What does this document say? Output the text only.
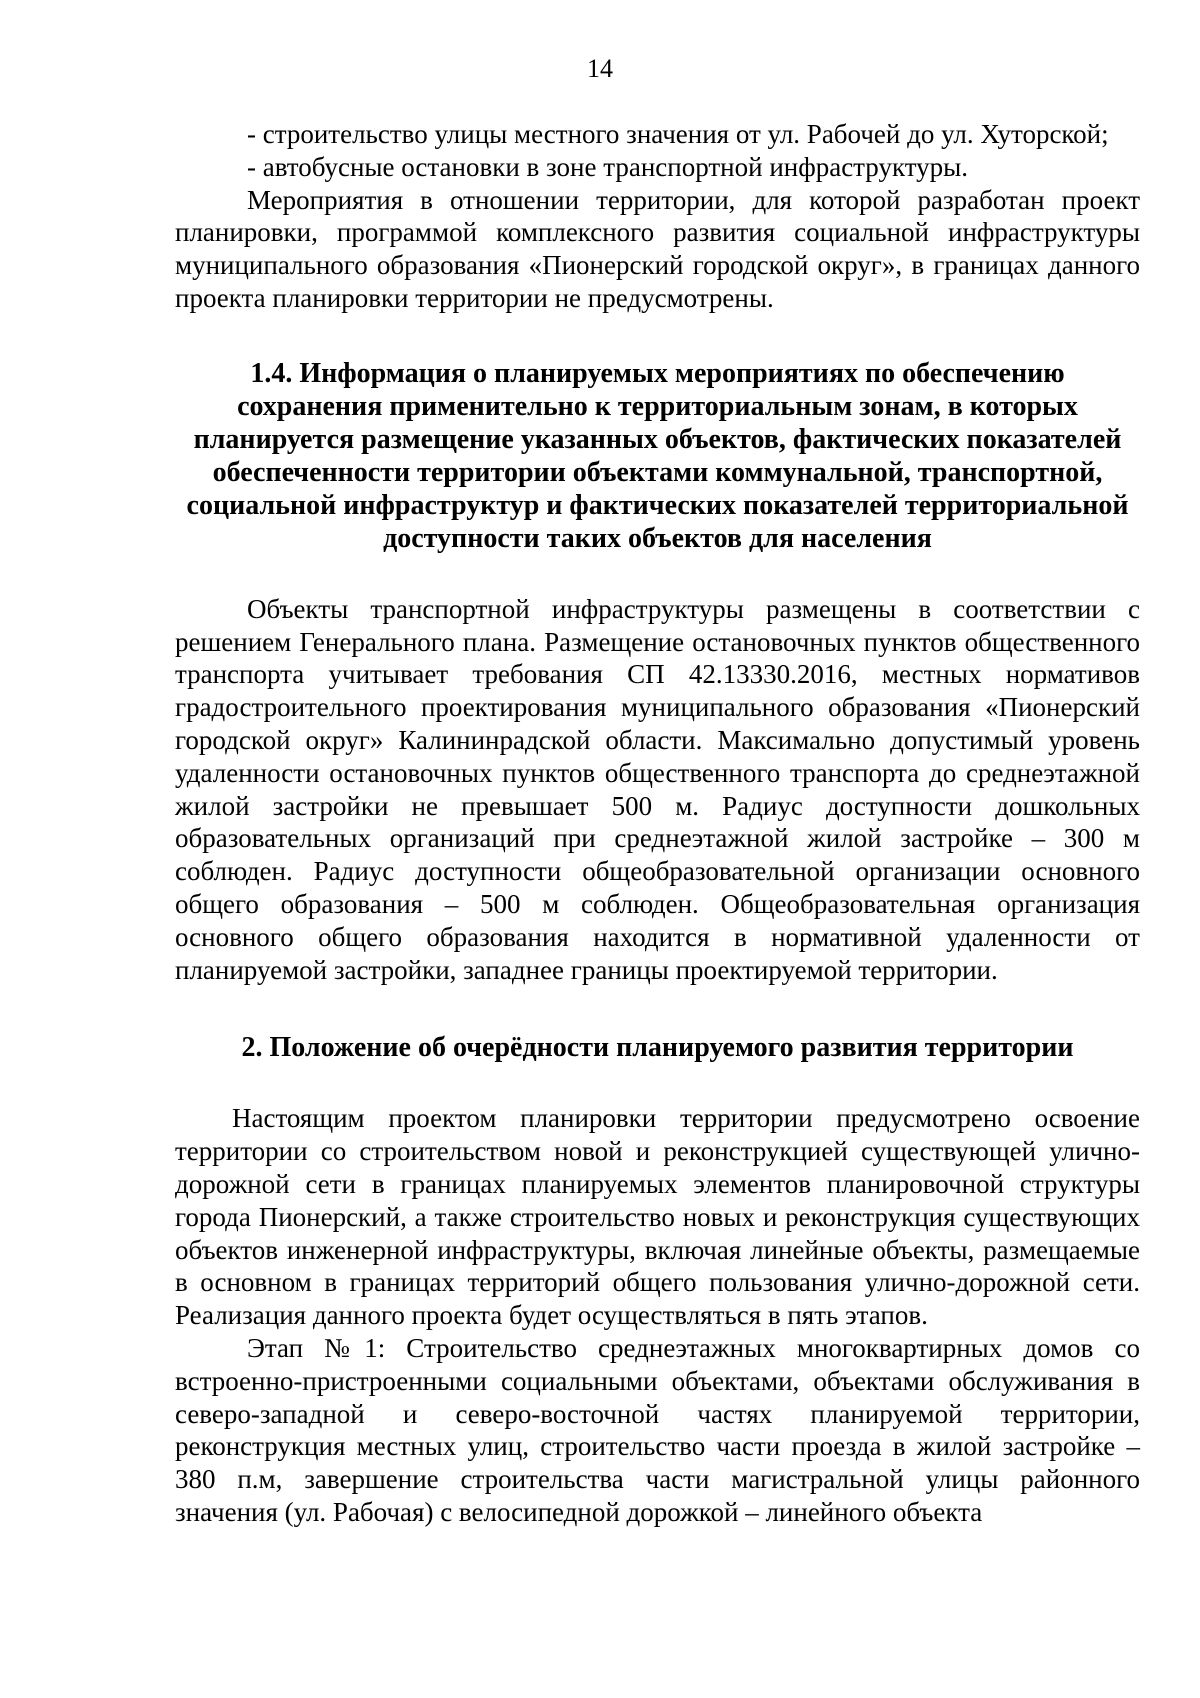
14

- строительство улицы местного значения от ул. Рабочей до ул. Хуторской;

- автобусные остановки в зоне транспортной инфраструктуры.

Мероприятия в отношении территории, для которой разработан проект планировки, программой комплексного развития социальной инфраструктуры муниципального образования «Пионерский городской округ», в границах данного проекта планировки территории не предусмотрены.

1.4. Информация о планируемых мероприятиях по обеспечению сохранения применительно к территориальным зонам, в которых планируется размещение указанных объектов, фактических показателей обеспеченности территории объектами коммунальной, транспортной, социальной инфраструктур и фактических показателей территориальной доступности таких объектов для населения

Объекты транспортной инфраструктуры размещены в соответствии с решением Генерального плана. Размещение остановочных пунктов общественного транспорта учитывает требования СП 42.13330.2016, местных нормативов градостроительного проектирования муниципального образования «Пионерский городской округ» Калининрадской области. Максимально допустимый уровень удаленности остановочных пунктов общественного транспорта до среднеэтажной жилой застройки не превышает 500 м. Радиус доступности дошкольных образовательных организаций при среднеэтажной жилой застройке – 300 м соблюден. Радиус доступности общеобразовательной организации основного общего образования – 500 м соблюден. Общеобразовательная организация основного общего образования находится в нормативной удаленности от планируемой застройки, западнее границы проектируемой территории.

2. Положение об очерёдности планируемого развития территории

Настоящим проектом планировки территории предусмотрено освоение территории со строительством новой и реконструкцией существующей улично-дорожной сети в границах планируемых элементов планировочной структуры города Пионерский, а также строительство новых и реконструкция существующих объектов инженерной инфраструктуры, включая линейные объекты, размещаемые в основном в границах территорий общего пользования улично-дорожной сети. Реализация данного проекта будет осуществляться в пять этапов.

Этап №1: Строительство среднеэтажных многоквартирных домов со встроенно-пристроенными социальными объектами, объектами обслуживания в северо-западной и северо-восточной частях планируемой территории, реконструкция местных улиц, строительство части проезда в жилой застройке – 380 п.м, завершение строительства части магистральной улицы районного значения (ул. Рабочая) с велосипедной дорожкой – линейного объекта
